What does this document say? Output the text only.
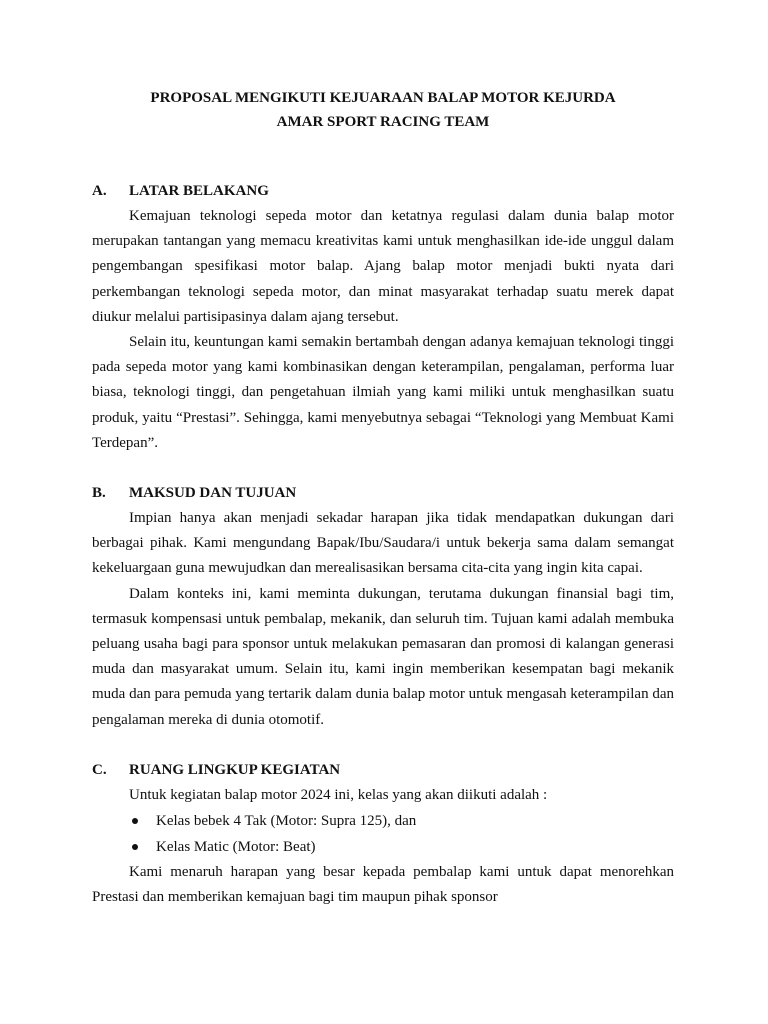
PROPOSAL MENGIKUTI KEJUARAAN BALAP MOTOR KEJURDA
AMAR SPORT RACING TEAM
A.	LATAR BELAKANG

Kemajuan teknologi sepeda motor dan ketatnya regulasi dalam dunia balap motor merupakan tantangan yang memacu kreativitas kami untuk menghasilkan ide-ide unggul dalam pengembangan spesifikasi motor balap. Ajang balap motor menjadi bukti nyata dari perkembangan teknologi sepeda motor, dan minat masyarakat terhadap suatu merek dapat diukur melalui partisipasinya dalam ajang tersebut.

Selain itu, keuntungan kami semakin bertambah dengan adanya kemajuan teknologi tinggi pada sepeda motor yang kami kombinasikan dengan keterampilan, pengalaman, performa luar biasa, teknologi tinggi, dan pengetahuan ilmiah yang kami miliki untuk menghasilkan suatu produk, yaitu “Prestasi”. Sehingga, kami menyebutnya sebagai “Teknologi yang Membuat Kami Terdepan”.

B.	MAKSUD DAN TUJUAN

Impian hanya akan menjadi sekadar harapan jika tidak mendapatkan dukungan dari berbagai pihak. Kami mengundang Bapak/Ibu/Saudara/i untuk bekerja sama dalam semangat kekeluargaan guna mewujudkan dan merealisasikan bersama cita-cita yang ingin kita capai.

Dalam konteks ini, kami meminta dukungan, terutama dukungan finansial bagi tim, termasuk kompensasi untuk pembalap, mekanik, dan seluruh tim. Tujuan kami adalah membuka peluang usaha bagi para sponsor untuk melakukan pemasaran dan promosi di kalangan generasi muda dan masyarakat umum. Selain itu, kami ingin memberikan kesempatan bagi mekanik muda dan para pemuda yang tertarik dalam dunia balap motor untuk mengasah keterampilan dan pengalaman mereka di dunia otomotif.

C.	RUANG LINGKUP KEGIATAN

Untuk kegiatan balap motor 2024 ini, kelas yang akan diikuti adalah :

Kelas bebek 4 Tak (Motor: Supra 125), dan
Kelas Matic (Motor: Beat)

Kami menaruh harapan yang besar kepada pembalap kami untuk dapat menorehkan Prestasi dan memberikan kemajuan bagi tim maupun pihak sponsor
